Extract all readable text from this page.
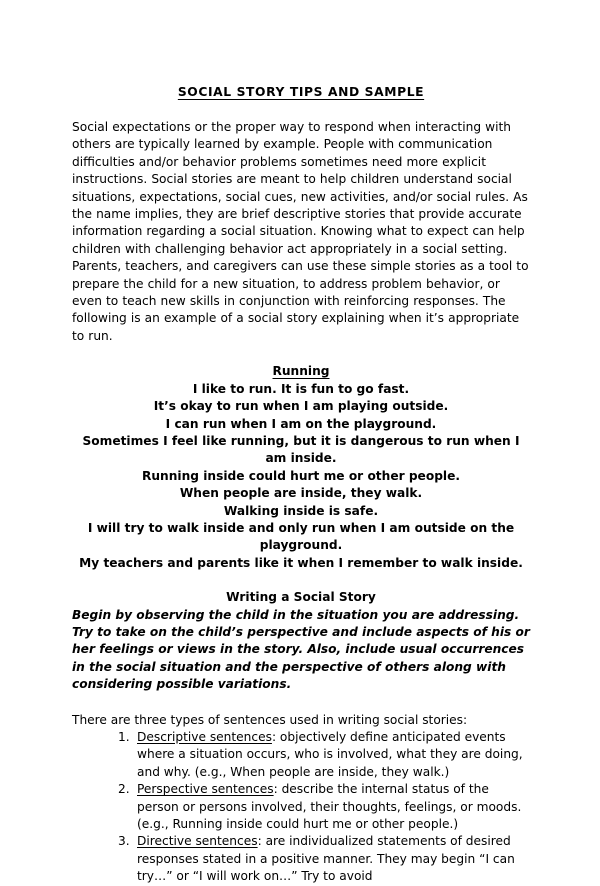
SOCIAL STORY TIPS AND SAMPLE

Social expectations or the proper way to respond when interacting with others are typically learned by example. People with communication difficulties and/or behavior problems sometimes need more explicit instructions. Social stories are meant to help children understand social situations, expectations, social cues, new activities, and/or social rules. As the name implies, they are brief descriptive stories that provide accurate information regarding a social situation. Knowing what to expect can help children with challenging behavior act appropriately in a social setting. Parents, teachers, and caregivers can use these simple stories as a tool to prepare the child for a new situation, to address problem behavior, or even to teach new skills in conjunction with reinforcing responses. The following is an example of a social story explaining when it’s appropriate to run.

Running
I like to run. It is fun to go fast.
It’s okay to run when I am playing outside.
I can run when I am on the playground.
Sometimes I feel like running, but it is dangerous to run when I am inside.
Running inside could hurt me or other people.
When people are inside, they walk.
Walking inside is safe.
I will try to walk inside and only run when I am outside on the playground.
My teachers and parents like it when I remember to walk inside.

Writing a Social Story

Begin by observing the child in the situation you are addressing. Try to take on the child’s perspective and include aspects of his or her feelings or views in the story. Also, include usual occurrences in the social situation and the perspective of others along with considering possible variations.

There are three types of sentences used in writing social stories:

Descriptive sentences: objectively define anticipated events where a situation occurs, who is involved, what they are doing, and why. (e.g., When people are inside, they walk.)
Perspective sentences: describe the internal status of the person or persons involved, their thoughts, feelings, or moods. (e.g., Running inside could hurt me or other people.)
Directive sentences: are individualized statements of desired responses stated in a positive manner. They may begin “I can try…” or “I will work on…” Try to avoid
